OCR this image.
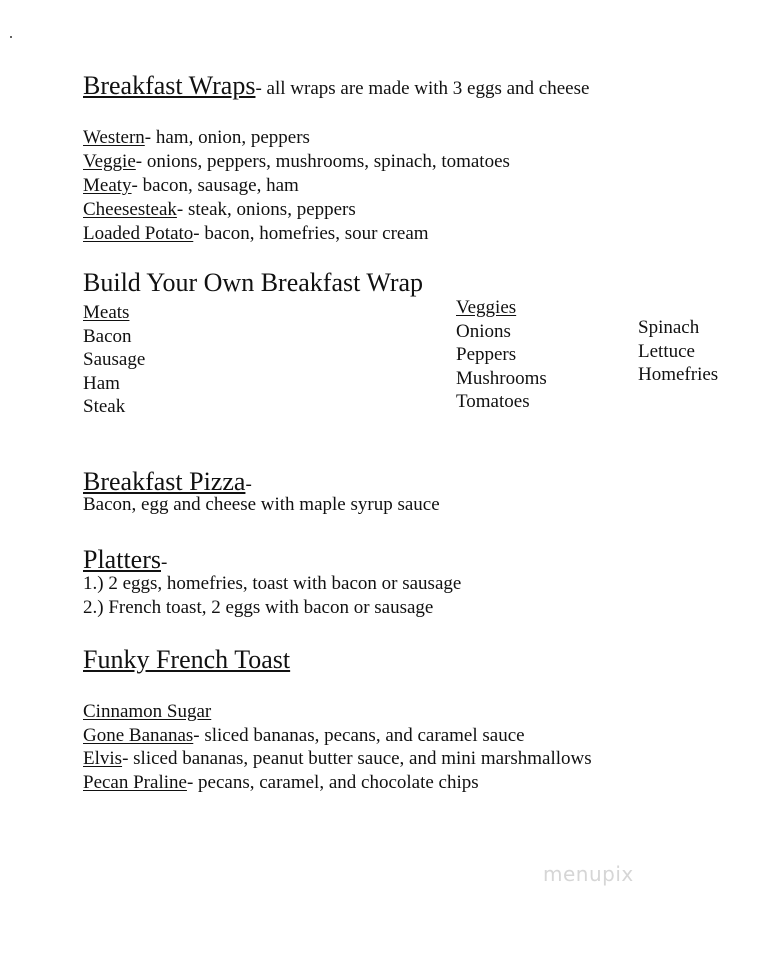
Breakfast Wraps- all wraps are made with 3 eggs and cheese
Western- ham, onion, peppers
Veggie- onions, peppers, mushrooms, spinach, tomatoes
Meaty- bacon, sausage, ham
Cheesesteak- steak, onions, peppers
Loaded Potato- bacon, homefries, sour cream
Build Your Own Breakfast Wrap
Meats
Bacon
Sausage
Ham
Steak
Veggies
Onions
Peppers
Mushrooms
Tomatoes
Spinach
Lettuce
Homefries
Breakfast Pizza-
Bacon, egg and cheese with maple syrup sauce
Platters-
1.) 2 eggs, homefries, toast with bacon or sausage
2.) French toast, 2 eggs with bacon or sausage
Funky French Toast
Cinnamon Sugar
Gone Bananas- sliced bananas, pecans, and caramel sauce
Elvis- sliced bananas, peanut butter sauce, and mini marshmallows
Pecan Praline- pecans, caramel, and chocolate chips
menupix
